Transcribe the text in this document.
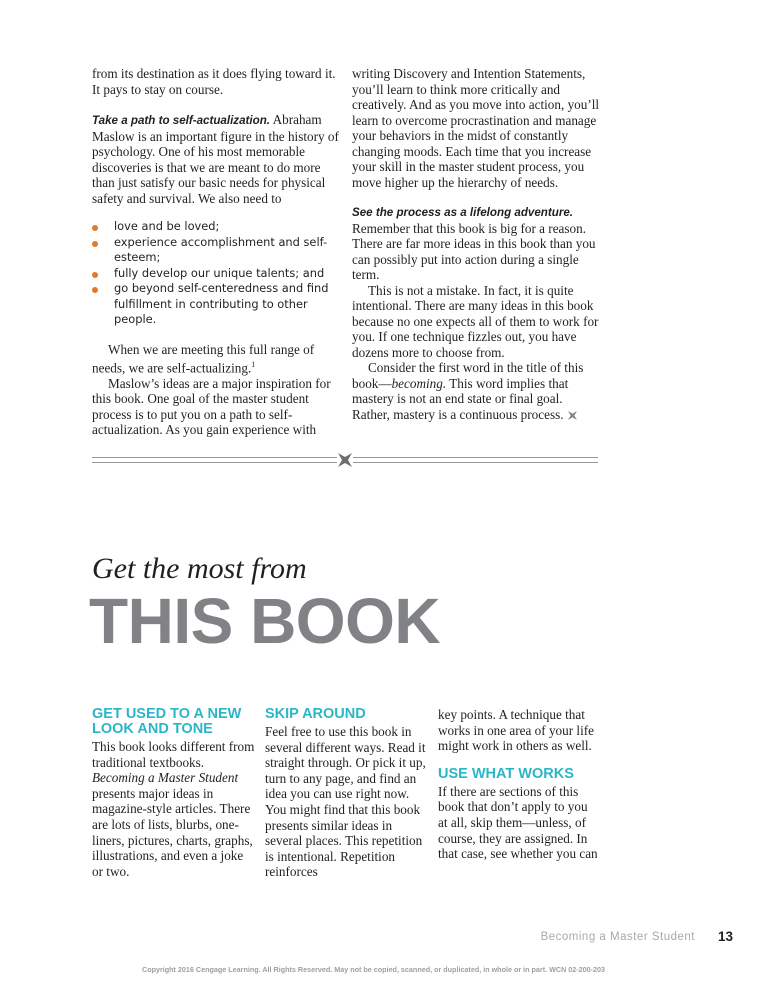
from its destination as it does flying toward it. It pays to stay on course.

Take a path to self-actualization. Abraham Maslow is an important figure in the history of psychology. One of his most memorable discoveries is that we are meant to do more than just satisfy our basic needs for physical safety and survival. We also need to

love and be loved;
experience accomplishment and self-esteem;
fully develop our unique talents; and
go beyond self-centeredness and find fulfillment in contributing to other people.

When we are meeting this full range of needs, we are self-actualizing.$^1$

Maslow’s ideas are a major inspiration for this book. One goal of the master student process is to put you on a path to self-actualization. As you gain experience with

writing Discovery and Intention Statements, you’ll learn to think more critically and creatively. And as you move into action, you’ll learn to overcome procrastination and manage your behaviors in the midst of constantly changing moods. Each time that you increase your skill in the master student process, you move higher up the hierarchy of needs.

See the process as a lifelong adventure.
Remember that this book is big for a reason. There are far more ideas in this book than you can possibly put into action during a single term.

This is not a mistake. In fact, it is quite intentional. There are many ideas in this book because no one expects all of them to work for you. If one technique fizzles out, you have dozens more to choose from.

Consider the first word in the title of this book—becoming. This word implies that mastery is not an end state or final goal. Rather, mastery is a continuous process.

Get the most from
THIS BOOK
GET USED TO A NEW LOOK AND TONE

This book looks different from traditional textbooks. Becoming a Master Student presents major ideas in magazine-style articles. There are lots of lists, blurbs, one-liners, pictures, charts, graphs, illustrations, and even a joke or two.

SKIP AROUND

Feel free to use this book in several different ways. Read it straight through. Or pick it up, turn to any page, and find an idea you can use right now. You might find that this book presents similar ideas in several places. This repetition is intentional. Repetition reinforces

key points. A technique that works in one area of your life might work in others as well.

USE WHAT WORKS

If there are sections of this book that don’t apply to you at all, skip them—unless, of course, they are assigned. In that case, see whether you can

Becoming a Master Student 13
Copyright 2016 Cengage Learning. All Rights Reserved. May not be copied, scanned, or duplicated, in whole or in part. WCN 02-200-203
